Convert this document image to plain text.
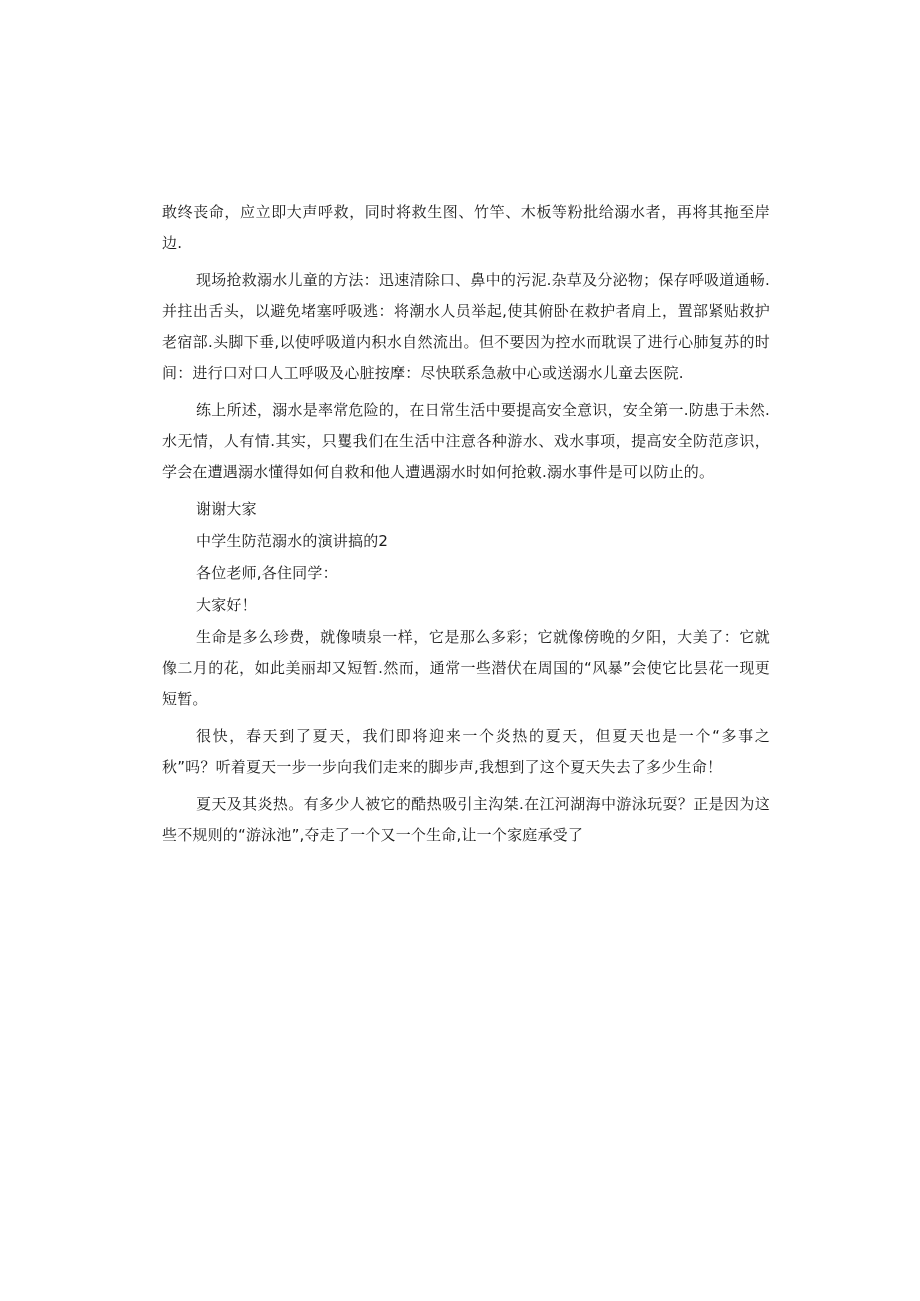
敢终丧命，应立即大声呼救，同时将救生图、竹竿、木板等粉批给溺水者，再将其拖至岸边.

现场抢救溺水儿童的方法：迅速清除口、鼻中的污泥.杂草及分泌物；保存呼吸道通畅.并拄出舌头，以避免堵塞呼吸逃：将潮水人员举起,使其俯卧在救护者肩上，置部紧贴救护老宿部.头脚下垂,以使呼吸道内积水自然流出。但不要因为控水而耽误了进行心肺复苏的时间：进行口对口人工呼吸及心脏按摩：尽快联系急赦中心或送溺水儿童去医院.

练上所述，溺水是率常危险的，在日常生活中要提高安全意识，安全第一.防患于未然.水无情，人有情.其实，只矍我们在生活中注意各种游水、戏水事项，提高安全防范彦识，学会在遭遇溺水懂得如何自救和他人遭遇溺水时如何抢敕.溺水事件是可以防止的。

谢谢大家

中学生防范溺水的演讲搞的2

各位老师,各住同学：

大家好！

生命是多么珍费，就像啧泉一样，它是那么多彩；它就像傍晚的夕阳，大美了：它就像二月的花，如此美丽却又短暂.然而，通常一些潜伏在周国的“风暴”会使它比昙花一现更短暂。

很快，春天到了夏天，我们即将迎来一个炎热的夏天，但夏天也是一个“多事之秋”吗？听着夏天一步一步向我们走来的脚步声,我想到了这个夏天失去了多少生命！

夏天及其炎热。有多少人被它的酷热吸引主沟桀.在江河湖海中游泳玩耍？正是因为这些不规则的“游泳池”,夺走了一个又一个生命,让一个家庭承受了
